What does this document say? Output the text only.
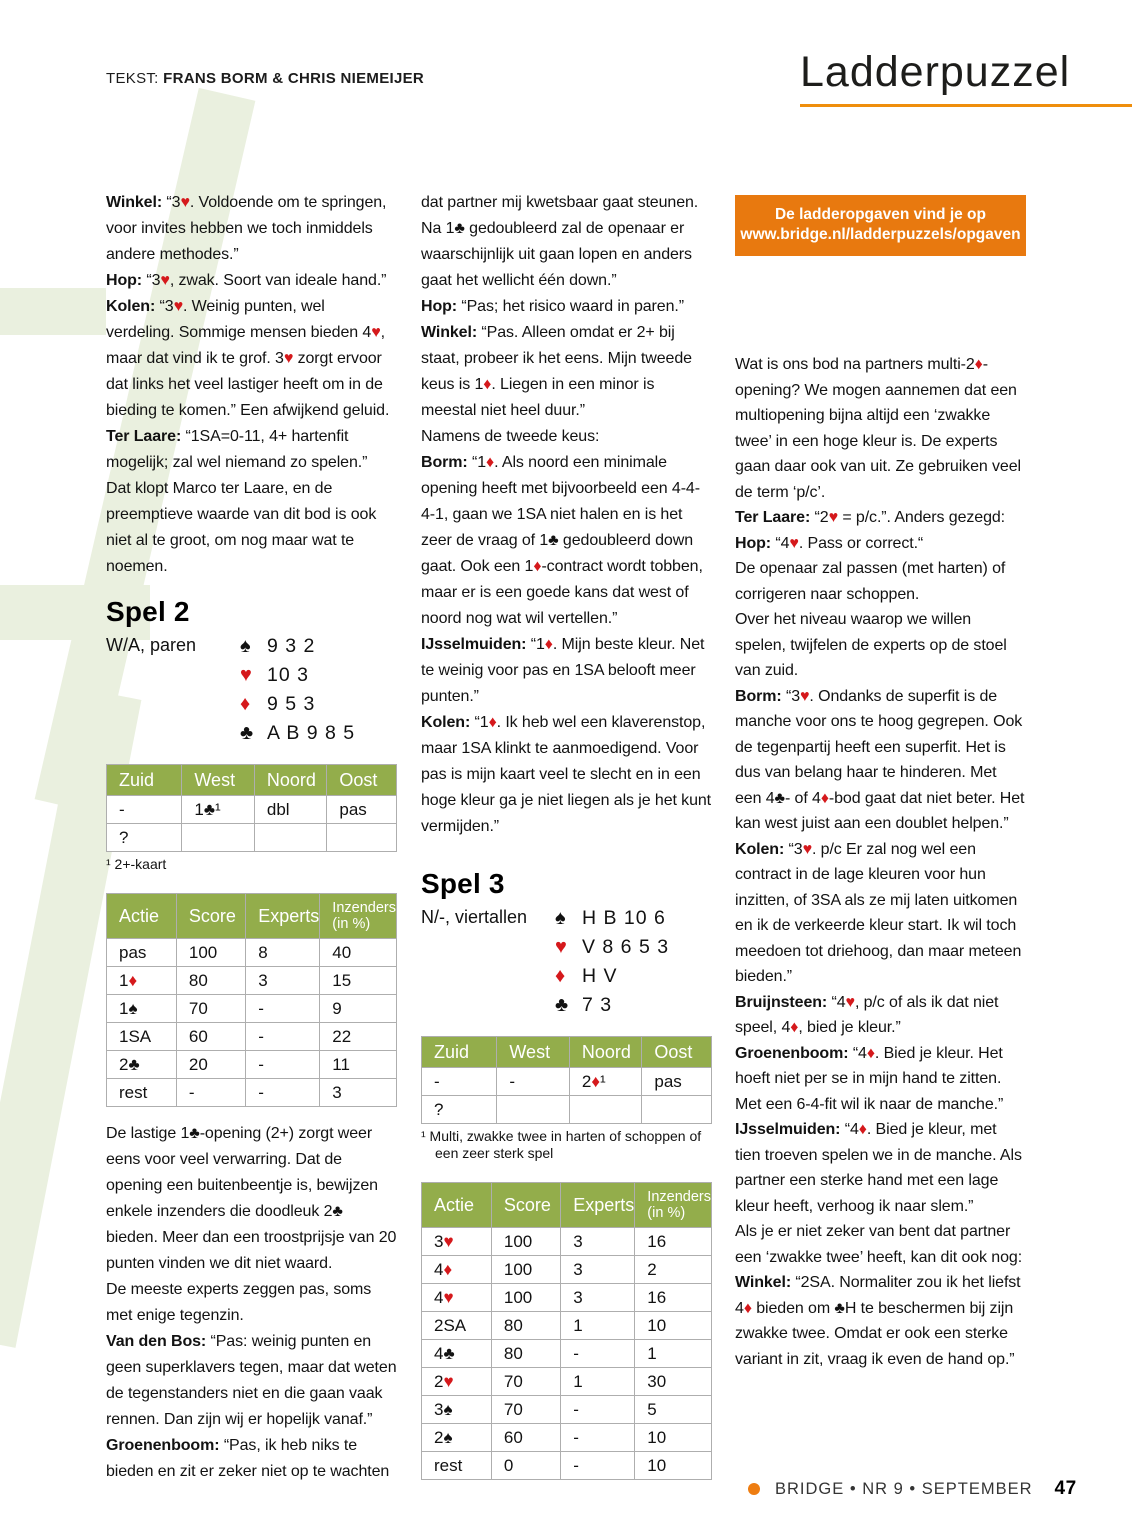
TEKST: FRANS BORM & CHRIS NIEMEIJER	Ladderpuzzel
Winkel: “3♥. Voldoende om te springen, voor invites hebben we toch inmiddels andere methodes.”
Hop: “3♥, zwak. Soort van ideale hand.”
Kolen: “3♥. Weinig punten, wel verdeling. Sommige mensen bieden 4♥, maar dat vind ik te grof. 3♥ zorgt ervoor dat links het veel lastiger heeft om in de bieding te komen.” Een afwijkend geluid.
Ter Laare: “1SA=0-11, 4+ hartenfit mogelijk; zal wel niemand zo spelen.”
Dat klopt Marco ter Laare, en de preemptieve waarde van dit bod is ook niet al te groot, om nog maar wat te noemen.
Spel 2
W/A, paren	♠ 9 3 2
♥ 10 3
♦ 9 5 3
♣ A B 9 8 5
Zuid	West	Noord	Oost
-	1♣¹	dbl	pas
?			
¹ 2+-kaart
Actie	Score	Experts	Inzenders
(in %)
pas	100	8	40
1♦	80	3	15
1♠	70	-	9
1SA	60	-	22
2♣	20	-	11
rest	-	-	3
De lastige 1♣-opening (2+) zorgt weer eens voor veel verwarring. Dat de opening een buitenbeentje is, bewijzen enkele inzenders die doodleuk 2♣ bieden. Meer dan een troostprijsje van 20 punten vinden we dit niet waard.
De meeste experts zeggen pas, soms met enige tegenzin.
Van den Bos: “Pas: weinig punten en geen superklavers tegen, maar dat weten de tegenstanders niet en die gaan vaak rennen. Dan zijn wij er hopelijk vanaf.”
Groenenboom: “Pas, ik heb niks te bieden en zit er zeker niet op te wachten
dat partner mij kwetsbaar gaat steunen. Na 1♣ gedoubleerd zal de openaar er waarschijnlijk uit gaan lopen en anders gaat het wellicht één down.”
Hop: “Pas; het risico waard in paren.”
Winkel: “Pas. Alleen omdat er 2+ bij staat, probeer ik het eens. Mijn tweede keus is 1♦. Liegen in een minor is meestal niet heel duur.”
Namens de tweede keus:
Borm: “1♦. Als noord een minimale opening heeft met bijvoorbeeld een 4-4-4-1, gaan we 1SA niet halen en is het zeer de vraag of 1♣ gedoubleerd down gaat. Ook een 1♦-contract wordt tobben, maar er is een goede kans dat west of noord nog wat wil vertellen.”
IJsselmuiden: “1♦. Mijn beste kleur. Net te weinig voor pas en 1SA belooft meer punten.”
Kolen: “1♦. Ik heb wel een klaverenstop, maar 1SA klinkt te aanmoedigend. Voor pas is mijn kaart veel te slecht en in een hoge kleur ga je niet liegen als je het kunt vermijden.”
Spel 3
N/-, viertallen	♠ H B 10 6
♥ V 8 6 5 3
♦ H V
♣ 7 3
Zuid	West	Noord	Oost
-	-	2♦¹	pas
?			
¹ Multi, zwakke twee in harten of schoppen of een zeer sterk spel
Actie	Score	Experts	Inzenders
(in %)
3♥	100	3	16
4♦	100	3	2
4♥	100	3	16
2SA	80	1	10
4♣	80	-	1
2♥	70	1	30
3♠	70	-	5
2♠	60	-	10
rest	0	-	10
De ladderopgaven vind je op
www.bridge.nl/ladderpuzzels/opgaven
Wat is ons bod na partners multi-2♦-opening? We mogen aannemen dat een multiopening bijna altijd een ‘zwakke twee’ in een hoge kleur is. De experts gaan daar ook van uit. Ze gebruiken veel de term ‘p/c’.
Ter Laare: “2♥ = p/c.”. Anders gezegd:
Hop: “4♥. Pass or correct.“
De openaar zal passen (met harten) of corrigeren naar schoppen.
Over het niveau waarop we willen spelen, twijfelen de experts op de stoel van zuid.
Borm: “3♥. Ondanks de superfit is de manche voor ons te hoog gegrepen. Ook de tegenpartij heeft een superfit. Het is dus van belang haar te hinderen. Met een 4♣- of 4♦-bod gaat dat niet beter. Het kan west juist aan een doublet helpen.”
Kolen: “3♥. p/c Er zal nog wel een contract in de lage kleuren voor hun inzitten, of 3SA als ze mij laten uitkomen en ik de verkeerde kleur start. Ik wil toch meedoen tot driehoog, dan maar meteen bieden.”
Bruijnsteen: “4♥, p/c of als ik dat niet speel, 4♦, bied je kleur.”
Groenenboom: “4♦. Bied je kleur. Het hoeft niet per se in mijn hand te zitten. Met een 6-4-fit wil ik naar de manche.”
IJsselmuiden: “4♦. Bied je kleur, met tien troeven spelen we in de manche. Als partner een sterke hand met een lage kleur heeft, verhoog ik naar slem.”
Als je er niet zeker van bent dat partner een ‘zwakke twee’ heeft, kan dit ook nog:
Winkel: “2SA. Normaliter zou ik het liefst 4♦ bieden om ♣H te beschermen bij zijn zwakke twee. Omdat er ook een sterke variant in zit, vraag ik even de hand op.”
BRIDGE • NR 9 • SEPTEMBER 47
